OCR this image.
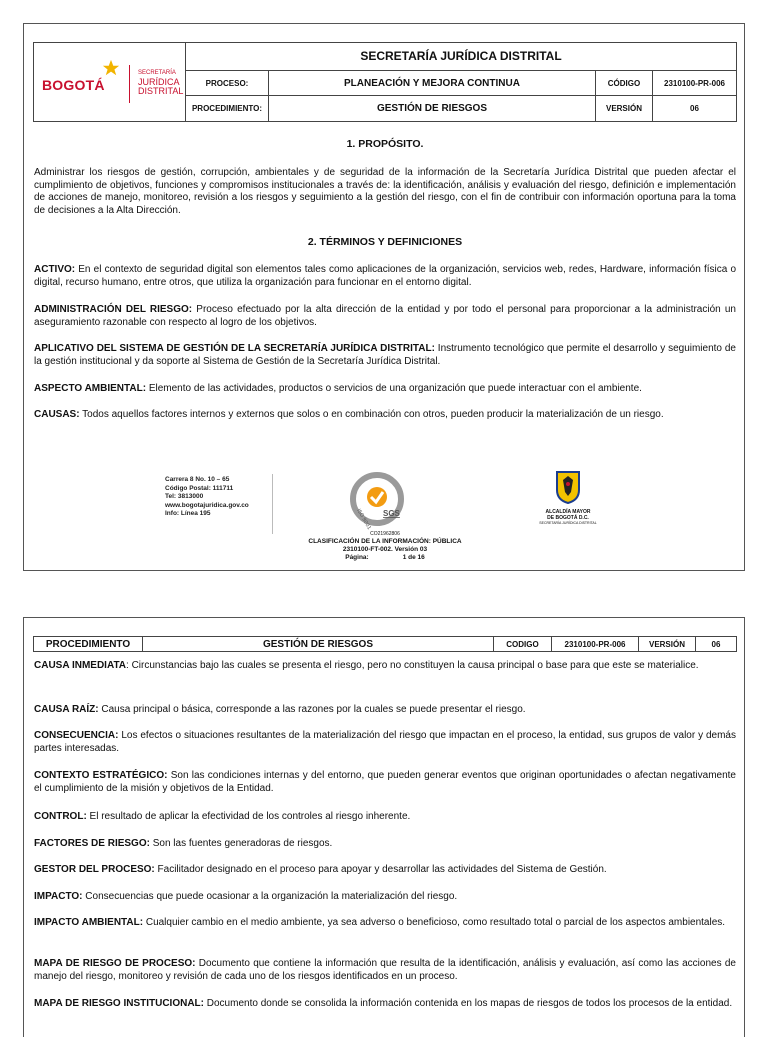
BOGOTÁ
SECRETARÍA
JURÍDICA
DISTRITAL	SECRETARÍA JURÍDICA DISTRITAL			
	PROCESO:	PLANEACIÓN Y MEJORA CONTINUA	CÓDIGO	2310100-PR-006
	PROCEDIMIENTO:	GESTIÓN DE RIESGOS	VERSIÓN	06
1. PROPÓSITO.
Administrar los riesgos de gestión, corrupción, ambientales y de seguridad de la información de la Secretaría Jurídica Distrital que pueden afectar el cumplimiento de objetivos, funciones y compromisos institucionales a través de: la identificación, análisis y evaluación del riesgo, definición e implementación de acciones de manejo, monitoreo, revisión a los riesgos y seguimiento a la gestión del riesgo, con el fin de contribuir con información oportuna para la toma de decisiones a la Alta Dirección.
2. TÉRMINOS Y DEFINICIONES
ACTIVO: En el contexto de seguridad digital son elementos tales como aplicaciones de la organización, servicios web, redes, Hardware, información física o digital, recurso humano, entre otros, que utiliza la organización para funcionar en el entorno digital.
ADMINISTRACIÓN DEL RIESGO: Proceso efectuado por la alta dirección de la entidad y por todo el personal para proporcionar a la administración un aseguramiento razonable con respecto al logro de los objetivos.
APLICATIVO DEL SISTEMA DE GESTIÓN DE LA SECRETARÍA JURÍDICA DISTRITAL: Instrumento tecnológico que permite el desarrollo y seguimiento de la gestión institucional y da soporte al Sistema de Gestión de la Secretaría Jurídica Distrital.
ASPECTO AMBIENTAL: Elemento de las actividades, productos o servicios de una organización que puede interactuar con el ambiente.
CAUSAS: Todos aquellos factores internos y externos que solos o en combinación con otros, pueden producir la materialización de un riesgo.
Carrera 8 No. 10 – 65
Código Postal: 111711
Tel: 3813000
www.bogotajuridica.gov.co
Info: Línea 195	ISO 9001 SGS
CO21962806
CLASIFICACIÓN DE LA INFORMACIÓN: PÚBLICA
2310100-FT-002. Versión 03
Página:	1 de 16
ALCALDÍA MAYOR
DE BOGOTÁ D.C.
SECRETARÍA JURÍDICA DISTRITAL
PROCEDIMIENTO	GESTIÓN DE RIESGOS	CODIGO	2310100-PR-006	VERSIÓN	06
CAUSA INMEDIATA: Circunstancias bajo las cuales se presenta el riesgo, pero no constituyen la causa principal o base para que este se materialice.
CAUSA RAÍZ: Causa principal o básica, corresponde a las razones por la cuales se puede presentar el riesgo.
CONSECUENCIA: Los efectos o situaciones resultantes de la materialización del riesgo que impactan en el proceso, la entidad, sus grupos de valor y demás partes interesadas.
CONTEXTO ESTRATÉGICO: Son las condiciones internas y del entorno, que pueden generar eventos que originan oportunidades o afectan negativamente el cumplimiento de la misión y objetivos de la Entidad.
CONTROL: El resultado de aplicar la efectividad de los controles al riesgo inherente.
FACTORES DE RIESGO: Son las fuentes generadoras de riesgos.
GESTOR DEL PROCESO: Facilitador designado en el proceso para apoyar y desarrollar las actividades del Sistema de Gestión.
IMPACTO: Consecuencias que puede ocasionar a la organización la materialización del riesgo.
IMPACTO AMBIENTAL: Cualquier cambio en el medio ambiente, ya sea adverso o beneficioso, como resultado total o parcial de los aspectos ambientales.
MAPA DE RIESGO DE PROCESO: Documento que contiene la información que resulta de la identificación, análisis y evaluación, así como las acciones de manejo del riesgo, monitoreo y revisión de cada uno de los riesgos identificados en un proceso.
MAPA DE RIESGO INSTITUCIONAL: Documento donde se consolida la información contenida en los mapas de riesgos de todos los procesos de la entidad.
